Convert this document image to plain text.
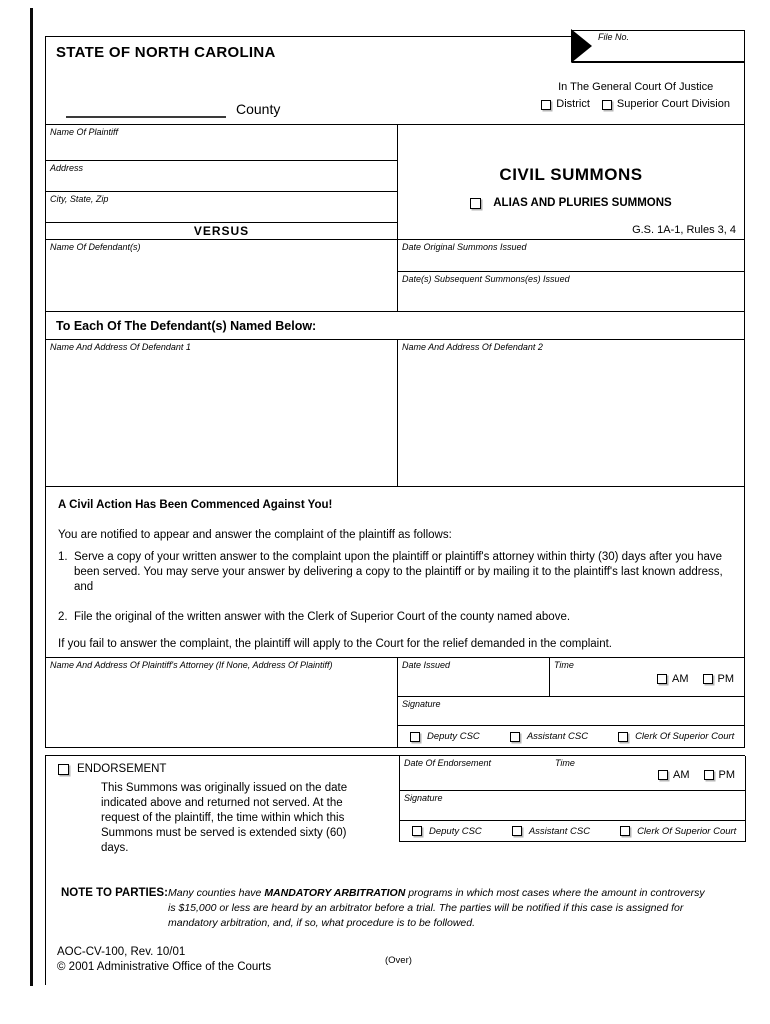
STATE OF NORTH CAROLINA
County
In The General Court Of Justice
District Superior Court Division
File No.
Name Of Plaintiff
Address
City, State, Zip
VERSUS
Name Of Defendant(s)
CIVIL SUMMONS
ALIAS AND PLURIES SUMMONS
G.S. 1A-1, Rules 3, 4
Date Original Summons Issued
Date(s) Subsequent Summons(es) Issued
To Each Of The Defendant(s) Named Below:
Name And Address Of Defendant 1	Name And Address Of Defendant 2
A Civil Action Has Been Commenced Against You!
You are notified to appear and answer the complaint of the plaintiff as follows:
1. Serve a copy of your written answer to the complaint upon the plaintiff or plaintiff's attorney within thirty (30) days after you have been served. You may serve your answer by delivering a copy to the plaintiff or by mailing it to the plaintiff's last known address, and
2. File the original of the written answer with the Clerk of Superior Court of the county named above.
If you fail to answer the complaint, the plaintiff will apply to the Court for the relief demanded in the complaint.
Name And Address Of Plaintiff's Attorney (If None, Address Of Plaintiff)	Date Issued	Time
AM	PM
Signature
Deputy CSC	Assistant CSC	Clerk Of Superior Court
ENDORSEMENT
This Summons was originally issued on the date indicated above and returned not served. At the request of the plaintiff, the time within which this Summons must be served is extended sixty (60) days.
Date Of Endorsement	Time
AM	PM
Signature
Deputy CSC	Assistant CSC	Clerk Of Superior Court
NOTE TO PARTIES: Many counties have MANDATORY ARBITRATION programs in which most cases where the amount in controversy is $15,000 or less are heard by an arbitrator before a trial. The parties will be notified if this case is assigned for mandatory arbitration, and, if so, what procedure is to be followed.
AOC-CV-100, Rev. 10/01
© 2001 Administrative Office of the Courts
(Over)
